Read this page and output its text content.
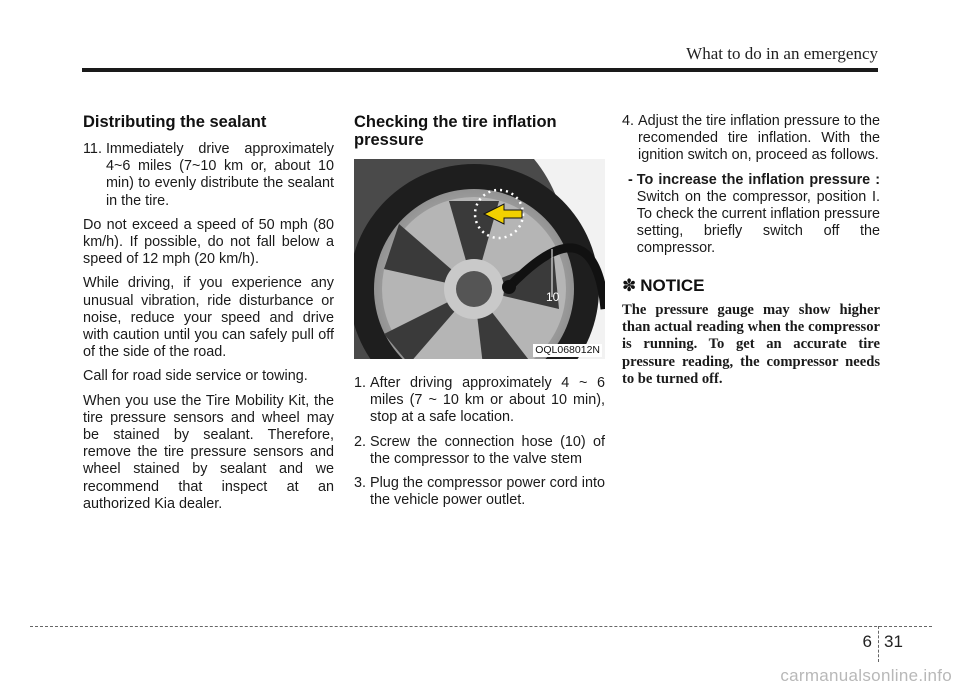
What to do in an emergency
Distributing the sealant
11. Immediately drive approximately 4~6 miles (7~10 km or, about 10 min) to evenly distribute the sealant in the tire.

Do not exceed a speed of 50 mph (80 km/h). If possible, do not fall below a speed of 12 mph (20 km/h).

While driving, if you experience any unusual vibration, ride disturbance or noise, reduce your speed and drive with caution until you can safely pull off of the side of the road.

Call for road side service or towing.

When you use the Tire Mobility Kit, the tire pressure sensors and wheel may be stained by sealant. Therefore, remove the tire pressure sensors and wheel stained by sealant and we recommend that inspect at an authorized Kia dealer.

Checking the tire inflation pressure
10
OQL068012N
1. After driving approximately 4 ~ 6 miles (7 ~ 10 km or about 10 min), stop at a safe location.
2. Screw the connection hose (10) of the compressor to the valve stem
3. Plug the compressor power cord into the vehicle power outlet.
4. Adjust the tire inflation pressure to the recomended tire inflation. With the ignition switch on, proceed as follows.
- To increase the inflation pressure : Switch on the compressor, position I. To check the current inflation pressure setting, briefly switch off the compressor.
✽ NOTICE
The pressure gauge may show higher than actual reading when the compressor is running. To get an accurate tire pressure reading, the compressor needs to be turned off.
6 31
carmanualsonline.info
